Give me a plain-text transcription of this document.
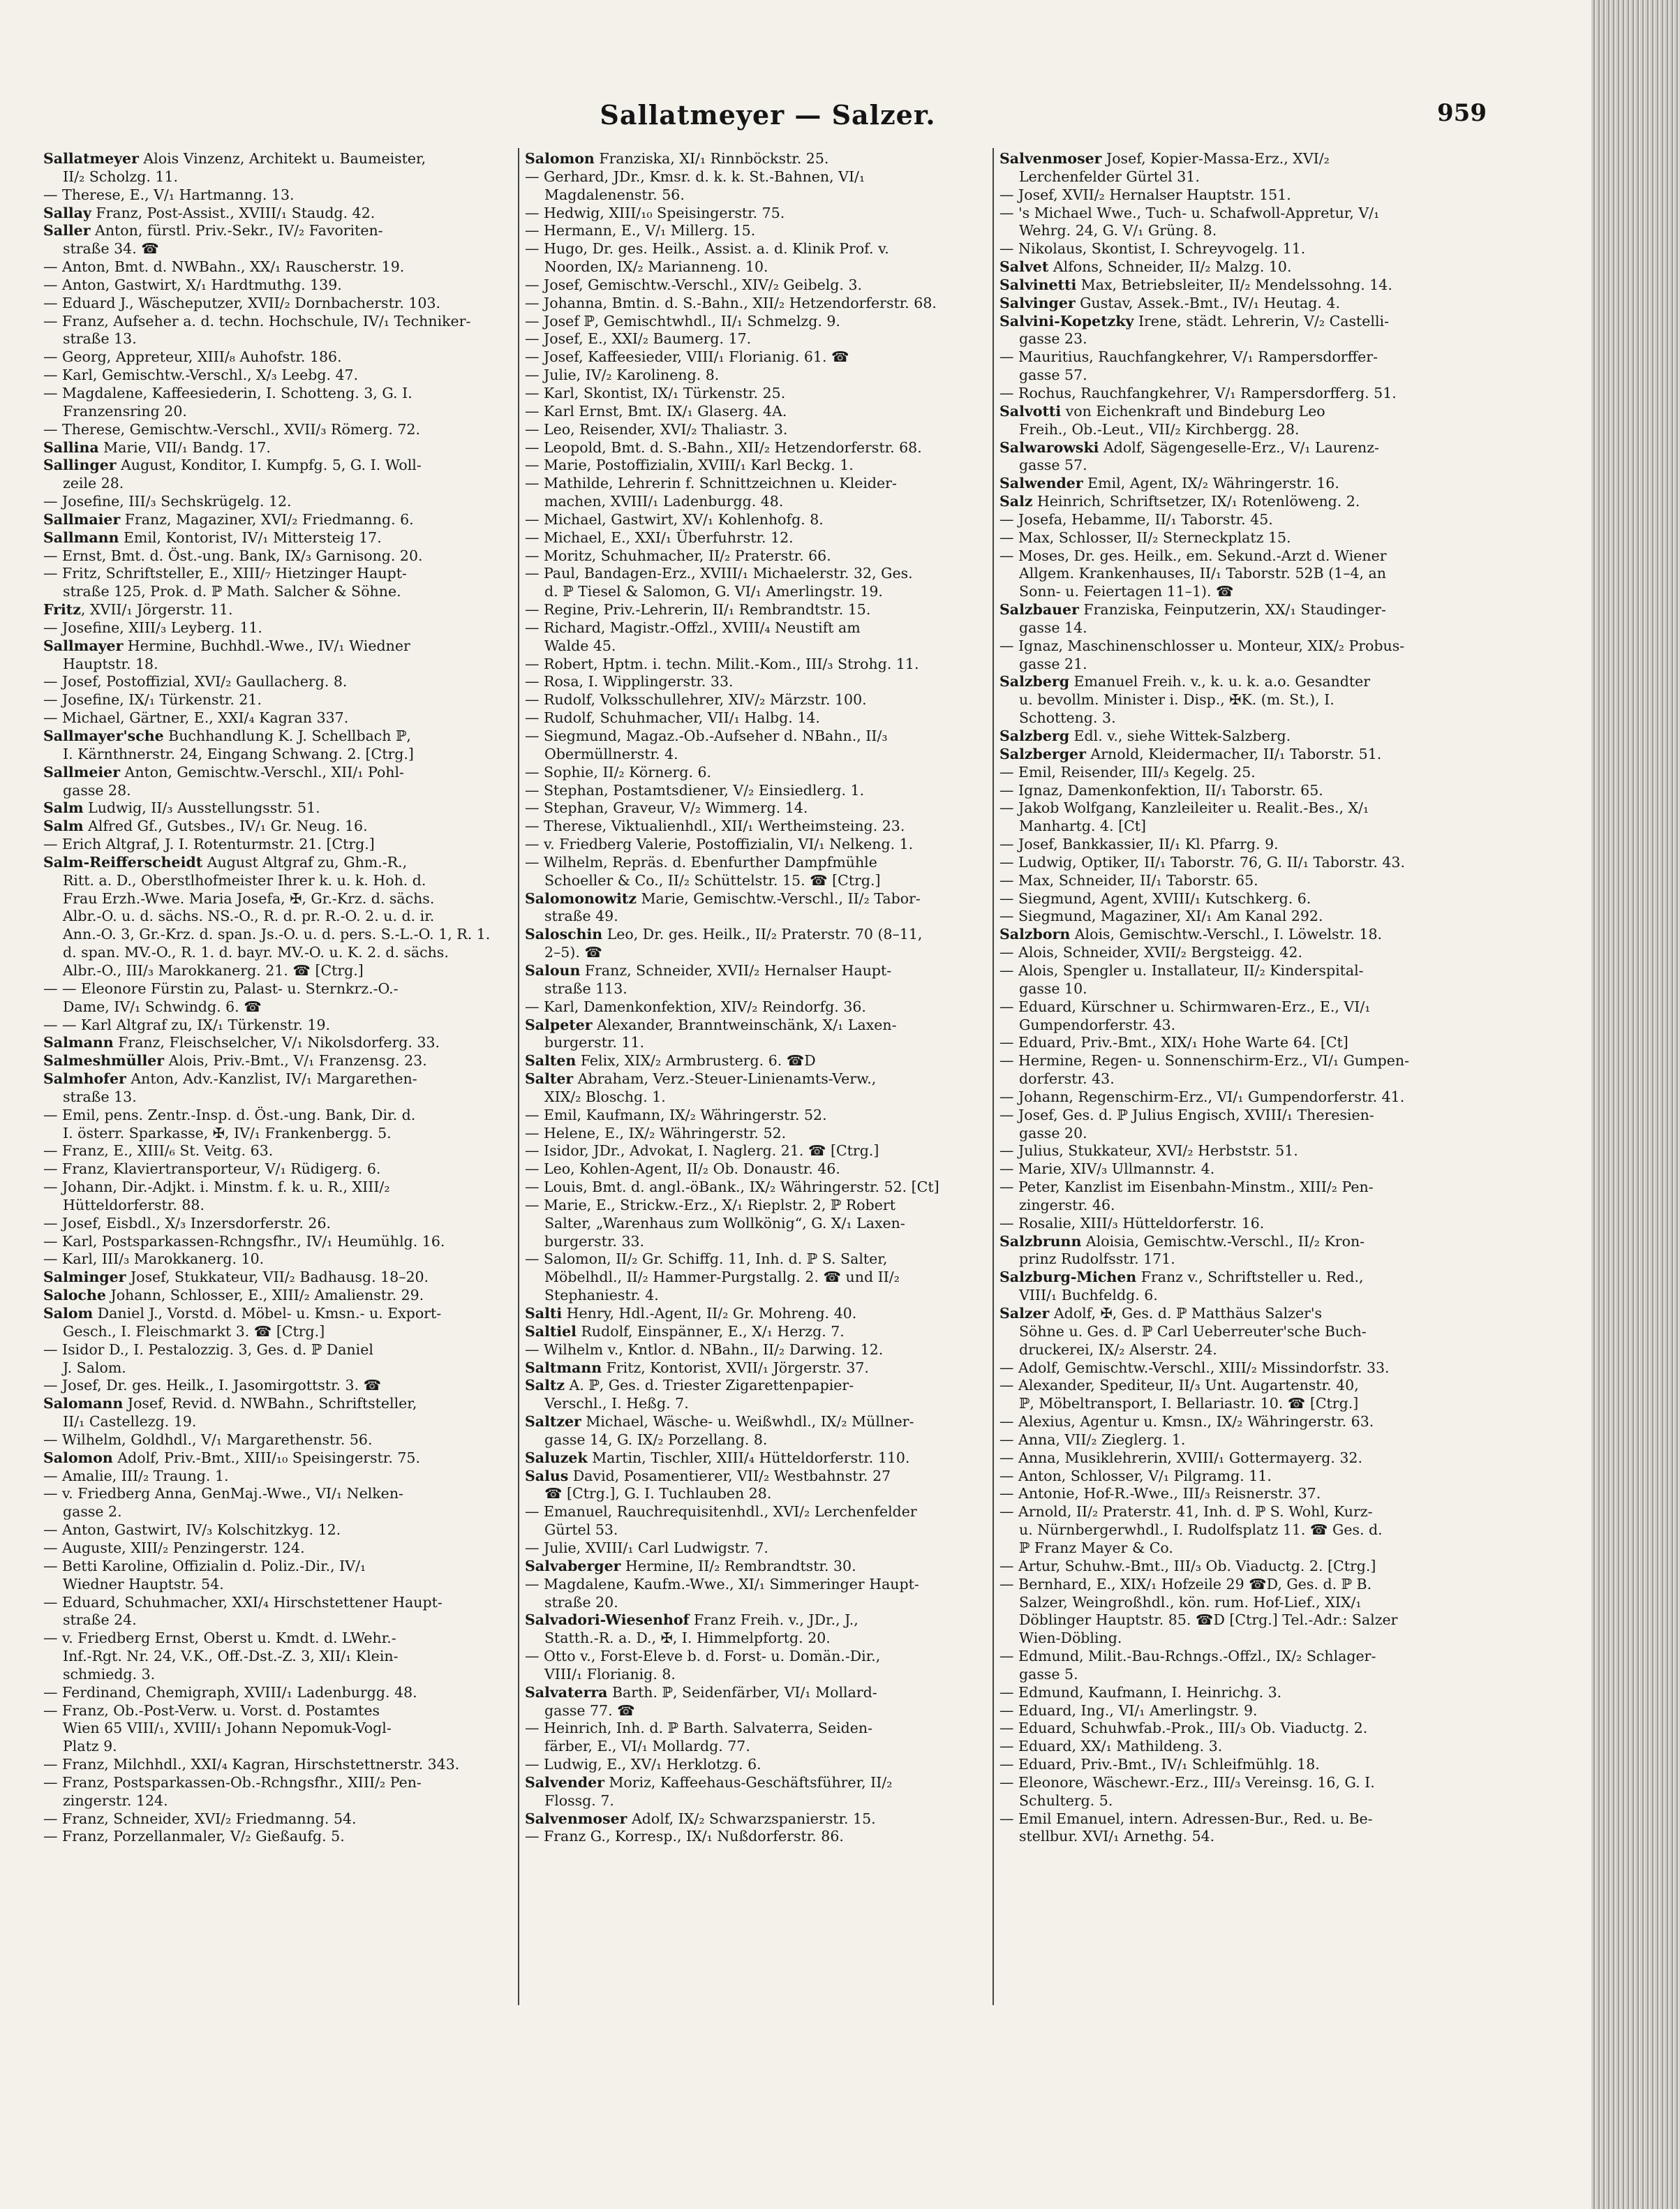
Sallatmeyer — Salzer.	959
Sallatmeyer Alois Vinzenz, Architekt u. Baumeister,
II/₂ Scholzg. 11.
— Therese, E., V/₁ Hartmanng. 13.
Sallay Franz, Post-Assist., XVIII/₁ Staudg. 42.
Saller Anton, fürstl. Priv.-Sekr., IV/₂ Favoriten-
straße 34. ☎
— Anton, Bmt. d. NWBahn., XX/₁ Rauscherstr. 19.
— Anton, Gastwirt, X/₁ Hardtmuthg. 139.
— Eduard J., Wäscheputzer, XVII/₂ Dornbacherstr. 103.
— Franz, Aufseher a. d. techn. Hochschule, IV/₁ Techniker-
straße 13.
— Georg, Appreteur, XIII/₈ Auhofstr. 186.
— Karl, Gemischtw.-Verschl., X/₃ Leebg. 47.
— Magdalene, Kaffeesiederin, I. Schotteng. 3, G. I.
Franzensring 20.
— Therese, Gemischtw.-Verschl., XVII/₃ Römerg. 72.
Sallina Marie, VII/₁ Bandg. 17.
Sallinger August, Konditor, I. Kumpfg. 5, G. I. Woll-
zeile 28.
— Josefine, III/₃ Sechskrügelg. 12.
Sallmaier Franz, Magaziner, XVI/₂ Friedmanng. 6.
Sallmann Emil, Kontorist, IV/₁ Mittersteig 17.
— Ernst, Bmt. d. Öst.-ung. Bank, IX/₃ Garnisong. 20.
— Fritz, Schriftsteller, E., XIII/₇ Hietzinger Haupt-
straße 125, Prok. d. ℙ Math. Salcher & Söhne.
Fritz, XVII/₁ Jörgerstr. 11.
— Josefine, XIII/₃ Leyberg. 11.
Sallmayer Hermine, Buchhdl.-Wwe., IV/₁ Wiedner
Hauptstr. 18.
— Josef, Postoffizial, XVI/₂ Gaullacherg. 8.
— Josefine, IX/₁ Türkenstr. 21.
— Michael, Gärtner, E., XXI/₄ Kagran 337.
Sallmayer'sche Buchhandlung K. J. Schellbach ℙ,
I. Kärnthnerstr. 24, Eingang Schwang. 2. [Ctrg.]
Sallmeier Anton, Gemischtw.-Verschl., XII/₁ Pohl-
gasse 28.
Salm Ludwig, II/₃ Ausstellungsstr. 51.
Salm Alfred Gf., Gutsbes., IV/₁ Gr. Neug. 16.
— Erich Altgraf, J. I. Rotenturmstr. 21. [Ctrg.]
Salm-Reifferscheidt August Altgraf zu, Ghm.-R.,
Ritt. a. D., Oberstlhofmeister Ihrer k. u. k. Hoh. d.
Frau Erzh.-Wwe. Maria Josefa, ✠, Gr.-Krz. d. sächs.
Albr.-O. u. d. sächs. NS.-O., R. d. pr. R.-O. 2. u. d. ir.
Ann.-O. 3, Gr.-Krz. d. span. Js.-O. u. d. pers. S.-L.-O. 1, R. 1.
d. span. MV.-O., R. 1. d. bayr. MV.-O. u. K. 2. d. sächs.
Albr.-O., III/₃ Marokkanerg. 21. ☎ [Ctrg.]
— — Eleonore Fürstin zu, Palast- u. Sternkrz.-O.-
Dame, IV/₁ Schwindg. 6. ☎
— — Karl Altgraf zu, IX/₁ Türkenstr. 19.
Salmann Franz, Fleischselcher, V/₁ Nikolsdorferg. 33.
Salmeshmüller Alois, Priv.-Bmt., V/₁ Franzensg. 23.
Salmhofer Anton, Adv.-Kanzlist, IV/₁ Margarethen-
straße 13.
— Emil, pens. Zentr.-Insp. d. Öst.-ung. Bank, Dir. d.
I. österr. Sparkasse, ✠, IV/₁ Frankenbergg. 5.
— Franz, E., XIII/₆ St. Veitg. 63.
— Franz, Klaviertransporteur, V/₁ Rüdigerg. 6.
— Johann, Dir.-Adjkt. i. Minstm. f. k. u. R., XIII/₂
Hütteldorferstr. 88.
— Josef, Eisbdl., X/₃ Inzersdorferstr. 26.
— Karl, Postsparkassen-Rchngsfhr., IV/₁ Heumühlg. 16.
— Karl, III/₃ Marokkanerg. 10.
Salminger Josef, Stukkateur, VII/₂ Badhausg. 18–20.
Saloche Johann, Schlosser, E., XIII/₂ Amalienstr. 29.
Salom Daniel J., Vorstd. d. Möbel- u. Kmsn.- u. Export-
Gesch., I. Fleischmarkt 3. ☎ [Ctrg.]
— Isidor D., I. Pestalozzig. 3, Ges. d. ℙ Daniel
J. Salom.
— Josef, Dr. ges. Heilk., I. Jasomirgottstr. 3. ☎
Salomann Josef, Revid. d. NWBahn., Schriftsteller,
II/₁ Castellezg. 19.
— Wilhelm, Goldhdl., V/₁ Margarethenstr. 56.
Salomon Adolf, Priv.-Bmt., XIII/₁₀ Speisingerstr. 75.
— Amalie, III/₂ Traung. 1.
— v. Friedberg Anna, GenMaj.-Wwe., VI/₁ Nelken-
gasse 2.
— Anton, Gastwirt, IV/₃ Kolschitzkyg. 12.
— Auguste, XIII/₂ Penzingerstr. 124.
— Betti Karoline, Offizialin d. Poliz.-Dir., IV/₁
Wiedner Hauptstr. 54.
— Eduard, Schuhmacher, XXI/₄ Hirschstettener Haupt-
straße 24.
— v. Friedberg Ernst, Oberst u. Kmdt. d. LWehr.-
Inf.-Rgt. Nr. 24, V.K., Off.-Dst.-Z. 3, XII/₁ Klein-
schmiedg. 3.
— Ferdinand, Chemigraph, XVIII/₁ Ladenburgg. 48.
— Franz, Ob.-Post-Verw. u. Vorst. d. Postamtes
Wien 65 VIII/₁, XVIII/₁ Johann Nepomuk-Vogl-
Platz 9.
— Franz, Milchhdl., XXI/₄ Kagran, Hirschstettnerstr. 343.
— Franz, Postsparkassen-Ob.-Rchngsfhr., XIII/₂ Pen-
zingerstr. 124.
— Franz, Schneider, XVI/₂ Friedmanng. 54.
— Franz, Porzellanmaler, V/₂ Gießaufg. 5.
Salomon Franziska, XI/₁ Rinnböckstr. 25.
— Gerhard, JDr., Kmsr. d. k. k. St.-Bahnen, VI/₁
Magdalenenstr. 56.
— Hedwig, XIII/₁₀ Speisingerstr. 75.
— Hermann, E., V/₁ Millerg. 15.
— Hugo, Dr. ges. Heilk., Assist. a. d. Klinik Prof. v.
Noorden, IX/₂ Marianneng. 10.
— Josef, Gemischtw.-Verschl., XIV/₂ Geibelg. 3.
— Johanna, Bmtin. d. S.-Bahn., XII/₂ Hetzendorferstr. 68.
— Josef ℙ, Gemischtwhdl., II/₁ Schmelzg. 9.
— Josef, E., XXI/₂ Baumerg. 17.
— Josef, Kaffeesieder, VIII/₁ Florianig. 61. ☎
— Julie, IV/₂ Karolineng. 8.
— Karl, Skontist, IX/₁ Türkenstr. 25.
— Karl Ernst, Bmt. IX/₁ Glaserg. 4A.
— Leo, Reisender, XVI/₂ Thaliastr. 3.
— Leopold, Bmt. d. S.-Bahn., XII/₂ Hetzendorferstr. 68.
— Marie, Postoffizialin, XVIII/₁ Karl Beckg. 1.
— Mathilde, Lehrerin f. Schnittzeichnen u. Kleider-
machen, XVIII/₁ Ladenburgg. 48.
— Michael, Gastwirt, XV/₁ Kohlenhofg. 8.
— Michael, E., XXI/₁ Überfuhrstr. 12.
— Moritz, Schuhmacher, II/₂ Praterstr. 66.
— Paul, Bandagen-Erz., XVIII/₁ Michaelerstr. 32, Ges.
d. ℙ Tiesel & Salomon, G. VI/₁ Amerlingstr. 19.
— Regine, Priv.-Lehrerin, II/₁ Rembrandtstr. 15.
— Richard, Magistr.-Offzl., XVIII/₄ Neustift am
Walde 45.
— Robert, Hptm. i. techn. Milit.-Kom., III/₃ Strohg. 11.
— Rosa, I. Wipplingerstr. 33.
— Rudolf, Volksschullehrer, XIV/₂ Märzstr. 100.
— Rudolf, Schuhmacher, VII/₁ Halbg. 14.
— Siegmund, Magaz.-Ob.-Aufseher d. NBahn., II/₃
Obermüllnerstr. 4.
— Sophie, II/₂ Körnerg. 6.
— Stephan, Postamtsdiener, V/₂ Einsiedlerg. 1.
— Stephan, Graveur, V/₂ Wimmerg. 14.
— Therese, Viktualienhdl., XII/₁ Wertheimsteing. 23.
— v. Friedberg Valerie, Postoffizialin, VI/₁ Nelkeng. 1.
— Wilhelm, Repräs. d. Ebenfurther Dampfmühle
Schoeller & Co., II/₂ Schüttelstr. 15. ☎ [Ctrg.]
Salomonowitz Marie, Gemischtw.-Verschl., II/₂ Tabor-
straße 49.
Saloschin Leo, Dr. ges. Heilk., II/₂ Praterstr. 70 (8–11,
2–5). ☎
Saloun Franz, Schneider, XVII/₂ Hernalser Haupt-
straße 113.
— Karl, Damenkonfektion, XIV/₂ Reindorfg. 36.
Salpeter Alexander, Branntweinschänk, X/₁ Laxen-
burgerstr. 11.
Salten Felix, XIX/₂ Armbrusterg. 6. ☎D
Salter Abraham, Verz.-Steuer-Linienamts-Verw.,
XIX/₂ Bloschg. 1.
— Emil, Kaufmann, IX/₂ Währingerstr. 52.
— Helene, E., IX/₂ Währingerstr. 52.
— Isidor, JDr., Advokat, I. Naglerg. 21. ☎ [Ctrg.]
— Leo, Kohlen-Agent, II/₂ Ob. Donaustr. 46.
— Louis, Bmt. d. angl.-öBank., IX/₂ Währingerstr. 52. [Ct]
— Marie, E., Strickw.-Erz., X/₁ Rieplstr. 2, ℙ Robert
Salter, „Warenhaus zum Wollkönig“, G. X/₁ Laxen-
burgerstr. 33.
— Salomon, II/₂ Gr. Schiffg. 11, Inh. d. ℙ S. Salter,
Möbelhdl., II/₂ Hammer-Purgstallg. 2. ☎ und II/₂
Stephaniestr. 4.
Salti Henry, Hdl.-Agent, II/₂ Gr. Mohreng. 40.
Saltiel Rudolf, Einspänner, E., X/₁ Herzg. 7.
— Wilhelm v., Kntlor. d. NBahn., II/₂ Darwing. 12.
Saltmann Fritz, Kontorist, XVII/₁ Jörgerstr. 37.
Saltz A. ℙ, Ges. d. Triester Zigarettenpapier-
Verschl., I. Heßg. 7.
Saltzer Michael, Wäsche- u. Weißwhdl., IX/₂ Müllner-
gasse 14, G. IX/₂ Porzellang. 8.
Saluzek Martin, Tischler, XIII/₄ Hütteldorferstr. 110.
Salus David, Posamentierer, VII/₂ Westbahnstr. 27
☎ [Ctrg.], G. I. Tuchlauben 28.
— Emanuel, Rauchrequisitenhdl., XVI/₂ Lerchenfelder
Gürtel 53.
— Julie, XVIII/₁ Carl Ludwigstr. 7.
Salvaberger Hermine, II/₂ Rembrandtstr. 30.
— Magdalene, Kaufm.-Wwe., XI/₁ Simmeringer Haupt-
straße 20.
Salvadori-Wiesenhof Franz Freih. v., JDr., J.,
Statth.-R. a. D., ✠, I. Himmelpfortg. 20.
— Otto v., Forst-Eleve b. d. Forst- u. Domän.-Dir.,
VIII/₁ Florianig. 8.
Salvaterra Barth. ℙ, Seidenfärber, VI/₁ Mollard-
gasse 77. ☎
— Heinrich, Inh. d. ℙ Barth. Salvaterra, Seiden-
färber, E., VI/₁ Mollardg. 77.
— Ludwig, E., XV/₁ Herklotzg. 6.
Salvender Moriz, Kaffeehaus-Geschäftsführer, II/₂
Flossg. 7.
Salvenmoser Adolf, IX/₂ Schwarzspanierstr. 15.
— Franz G., Korresp., IX/₁ Nußdorferstr. 86.
Salvenmoser Josef, Kopier-Massa-Erz., XVI/₂
Lerchenfelder Gürtel 31.
— Josef, XVII/₂ Hernalser Hauptstr. 151.
— 's Michael Wwe., Tuch- u. Schafwoll-Appretur, V/₁
Wehrg. 24, G. V/₁ Grüng. 8.
— Nikolaus, Skontist, I. Schreyvogelg. 11.
Salvet Alfons, Schneider, II/₂ Malzg. 10.
Salvinetti Max, Betriebsleiter, II/₂ Mendelssohng. 14.
Salvinger Gustav, Assek.-Bmt., IV/₁ Heutag. 4.
Salvini-Kopetzky Irene, städt. Lehrerin, V/₂ Castelli-
gasse 23.
— Mauritius, Rauchfangkehrer, V/₁ Rampersdorffer-
gasse 57.
— Rochus, Rauchfangkehrer, V/₁ Rampersdorfferg. 51.
Salvotti von Eichenkraft und Bindeburg Leo
Freih., Ob.-Leut., VII/₂ Kirchbergg. 28.
Salwarowski Adolf, Sägengeselle-Erz., V/₁ Laurenz-
gasse 57.
Salwender Emil, Agent, IX/₂ Währingerstr. 16.
Salz Heinrich, Schriftsetzer, IX/₁ Rotenlöweng. 2.
— Josefa, Hebamme, II/₁ Taborstr. 45.
— Max, Schlosser, II/₂ Sterneckplatz 15.
— Moses, Dr. ges. Heilk., em. Sekund.-Arzt d. Wiener
Allgem. Krankenhauses, II/₁ Taborstr. 52B (1–4, an
Sonn- u. Feiertagen 11–1). ☎
Salzbauer Franziska, Feinputzerin, XX/₁ Staudinger-
gasse 14.
— Ignaz, Maschinenschlosser u. Monteur, XIX/₂ Probus-
gasse 21.
Salzberg Emanuel Freih. v., k. u. k. a.o. Gesandter
u. bevollm. Minister i. Disp., ✠K. (m. St.), I.
Schotteng. 3.
Salzberg Edl. v., siehe Wittek-Salzberg.
Salzberger Arnold, Kleidermacher, II/₁ Taborstr. 51.
— Emil, Reisender, III/₃ Kegelg. 25.
— Ignaz, Damenkonfektion, II/₁ Taborstr. 65.
— Jakob Wolfgang, Kanzleileiter u. Realit.-Bes., X/₁
Manhartg. 4. [Ct]
— Josef, Bankkassier, II/₁ Kl. Pfarrg. 9.
— Ludwig, Optiker, II/₁ Taborstr. 76, G. II/₁ Taborstr. 43.
— Max, Schneider, II/₁ Taborstr. 65.
— Siegmund, Agent, XVIII/₁ Kutschkerg. 6.
— Siegmund, Magaziner, XI/₁ Am Kanal 292.
Salzborn Alois, Gemischtw.-Verschl., I. Löwelstr. 18.
— Alois, Schneider, XVII/₂ Bergsteigg. 42.
— Alois, Spengler u. Installateur, II/₂ Kinderspital-
gasse 10.
— Eduard, Kürschner u. Schirmwaren-Erz., E., VI/₁
Gumpendorferstr. 43.
— Eduard, Priv.-Bmt., XIX/₁ Hohe Warte 64. [Ct]
— Hermine, Regen- u. Sonnenschirm-Erz., VI/₁ Gumpen-
dorferstr. 43.
— Johann, Regenschirm-Erz., VI/₁ Gumpendorferstr. 41.
— Josef, Ges. d. ℙ Julius Engisch, XVIII/₁ Theresien-
gasse 20.
— Julius, Stukkateur, XVI/₂ Herbststr. 51.
— Marie, XIV/₃ Ullmannstr. 4.
— Peter, Kanzlist im Eisenbahn-Minstm., XIII/₂ Pen-
zingerstr. 46.
— Rosalie, XIII/₃ Hütteldorferstr. 16.
Salzbrunn Aloisia, Gemischtw.-Verschl., II/₂ Kron-
prinz Rudolfsstr. 171.
Salzburg-Michen Franz v., Schriftsteller u. Red.,
VIII/₁ Buchfeldg. 6.
Salzer Adolf, ✠, Ges. d. ℙ Matthäus Salzer's
Söhne u. Ges. d. ℙ Carl Ueberreuter'sche Buch-
druckerei, IX/₂ Alserstr. 24.
— Adolf, Gemischtw.-Verschl., XIII/₂ Missindorfstr. 33.
— Alexander, Spediteur, II/₃ Unt. Augartenstr. 40,
ℙ, Möbeltransport, I. Bellariastr. 10. ☎ [Ctrg.]
— Alexius, Agentur u. Kmsn., IX/₂ Währingerstr. 63.
— Anna, VII/₂ Zieglerg. 1.
— Anna, Musiklehrerin, XVIII/₁ Gottermayerg. 32.
— Anton, Schlosser, V/₁ Pilgramg. 11.
— Antonie, Hof-R.-Wwe., III/₃ Reisnerstr. 37.
— Arnold, II/₂ Praterstr. 41, Inh. d. ℙ S. Wohl, Kurz-
u. Nürnbergerwhdl., I. Rudolfsplatz 11. ☎ Ges. d.
ℙ Franz Mayer & Co.
— Artur, Schuhw.-Bmt., III/₃ Ob. Viaductg. 2. [Ctrg.]
— Bernhard, E., XIX/₁ Hofzeile 29 ☎D, Ges. d. ℙ B.
Salzer, Weingroßhdl., kön. rum. Hof-Lief., XIX/₁
Döblinger Hauptstr. 85. ☎D [Ctrg.] Tel.-Adr.: Salzer
Wien-Döbling.
— Edmund, Milit.-Bau-Rchngs.-Offzl., IX/₂ Schlager-
gasse 5.
— Edmund, Kaufmann, I. Heinrichg. 3.
— Eduard, Ing., VI/₁ Amerlingstr. 9.
— Eduard, Schuhwfab.-Prok., III/₃ Ob. Viaductg. 2.
— Eduard, XX/₁ Mathildeng. 3.
— Eduard, Priv.-Bmt., IV/₁ Schleifmühlg. 18.
— Eleonore, Wäschewr.-Erz., III/₃ Vereinsg. 16, G. I.
Schulterg. 5.
— Emil Emanuel, intern. Adressen-Bur., Red. u. Be-
stellbur. XVI/₁ Arnethg. 54.
